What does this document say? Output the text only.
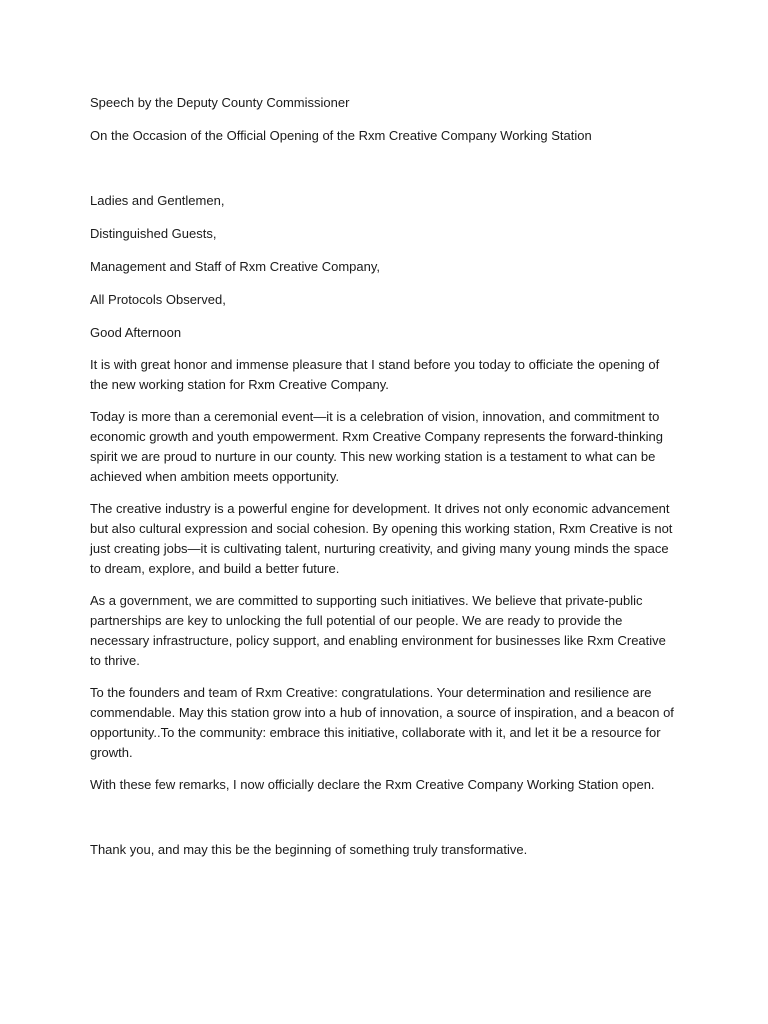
Speech by the Deputy County Commissioner

On the Occasion of the Official Opening of the Rxm Creative Company Working Station

Ladies and Gentlemen,

Distinguished Guests,

Management and Staff of Rxm Creative Company,

All Protocols Observed,

Good Afternoon

It is with great honor and immense pleasure that I stand before you today to officiate the opening of the new working station for Rxm Creative Company.

Today is more than a ceremonial event—it is a celebration of vision, innovation, and commitment to economic growth and youth empowerment. Rxm Creative Company represents the forward-thinking spirit we are proud to nurture in our county. This new working station is a testament to what can be achieved when ambition meets opportunity.

The creative industry is a powerful engine for development. It drives not only economic advancement but also cultural expression and social cohesion. By opening this working station, Rxm Creative is not just creating jobs—it is cultivating talent, nurturing creativity, and giving many young minds the space to dream, explore, and build a better future.

As a government, we are committed to supporting such initiatives. We believe that private-public partnerships are key to unlocking the full potential of our people. We are ready to provide the necessary infrastructure, policy support, and enabling environment for businesses like Rxm Creative to thrive.

To the founders and team of Rxm Creative: congratulations. Your determination and resilience are commendable. May this station grow into a hub of innovation, a source of inspiration, and a beacon of opportunity..To the community: embrace this initiative, collaborate with it, and let it be a resource for growth.

With these few remarks, I now officially declare the Rxm Creative Company Working Station open.

Thank you, and may this be the beginning of something truly transformative.
